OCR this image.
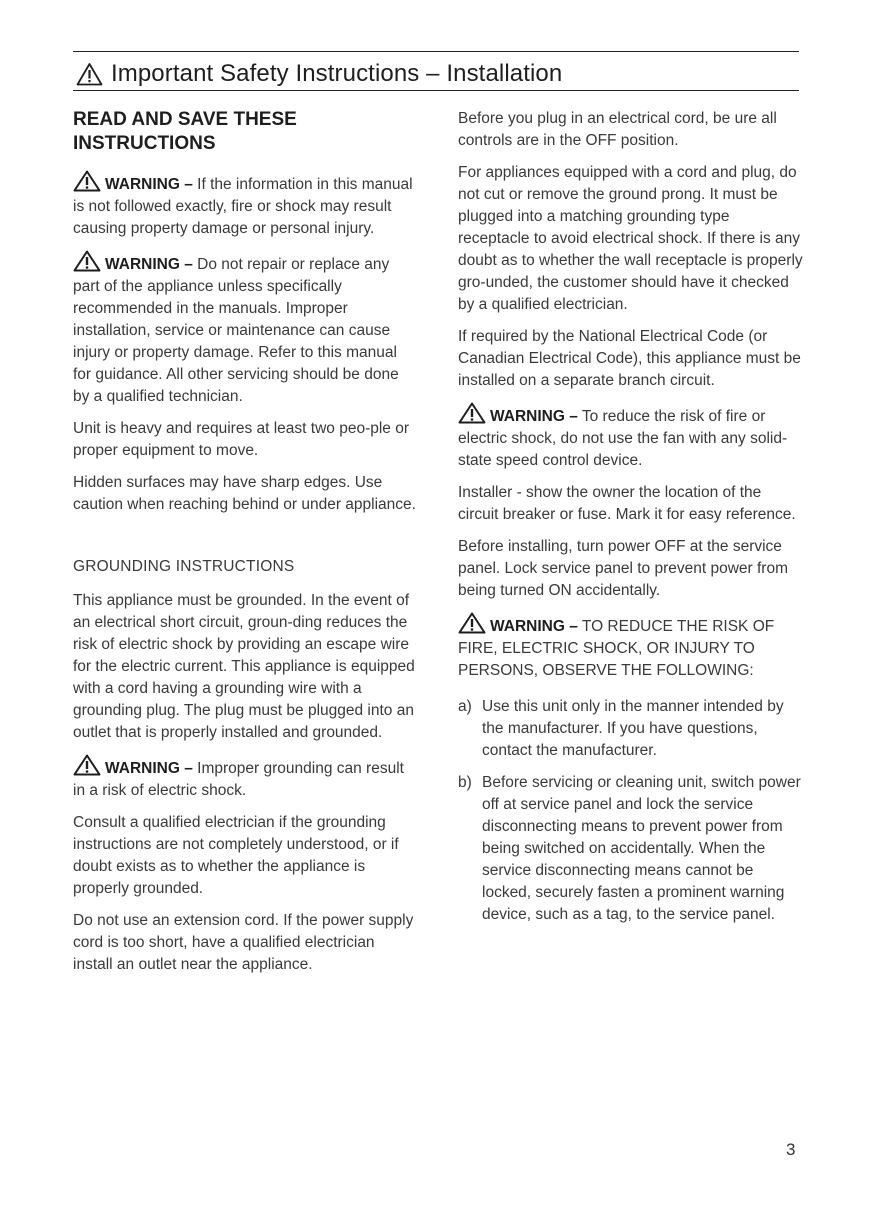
Important Safety Instructions – Installation
READ AND SAVE THESE INSTRUCTIONS

WARNING – If the information in this manual is not followed exactly, fire or shock may result causing property damage or personal injury.

WARNING – Do not repair or replace any part of the appliance unless specifically recommended in the manuals. Improper installation, service or maintenance can cause injury or property damage. Refer to this manual for guidance. All other servicing should be done by a qualified technician.

Unit is heavy and requires at least two peo-ple or proper equipment to move.

Hidden surfaces may have sharp edges. Use caution when reaching behind or under appliance.

GROUNDING INSTRUCTIONS

This appliance must be grounded. In the event of an electrical short circuit, groun-ding reduces the risk of electric shock by providing an escape wire for the electric current. This appliance is equipped with a cord having a grounding wire with a grounding plug. The plug must be plugged into an outlet that is properly installed and grounded.

WARNING – Improper grounding can result in a risk of electric shock.

Consult a qualified electrician if the grounding instructions are not completely understood, or if doubt exists as to whether the appliance is properly grounded.

Do not use an extension cord. If the power supply cord is too short, have a qualified electrician install an outlet near the appliance.

Before you plug in an electrical cord, be ure all controls are in the OFF position.

For appliances equipped with a cord and plug, do not cut or remove the ground prong. It must be plugged into a matching grounding type receptacle to avoid electrical shock. If there is any doubt as to whether the wall receptacle is properly gro-unded, the customer should have it checked by a qualified electrician.

If required by the National Electrical Code (or Canadian Electrical Code), this appliance must be installed on a separate branch circuit.

WARNING – To reduce the risk of fire or electric shock, do not use the fan with any solid-state speed control device.

Installer - show the owner the location of the circuit breaker or fuse. Mark it for easy reference.

Before installing, turn power OFF at the service panel. Lock service panel to prevent power from being turned ON accidentally.

WARNING – TO REDUCE THE RISK OF FIRE, ELECTRIC SHOCK, OR INJURY TO PERSONS, OBSERVE THE FOLLOWING:

a) Use this unit only in the manner intended by the manufacturer. If you have questions, contact the manufacturer.
b) Before servicing or cleaning unit, switch power off at service panel and lock the service disconnecting means to prevent power from being switched on accidentally. When the service disconnecting means cannot be locked, securely fasten a prominent warning device, such as a tag, to the service panel.
3
